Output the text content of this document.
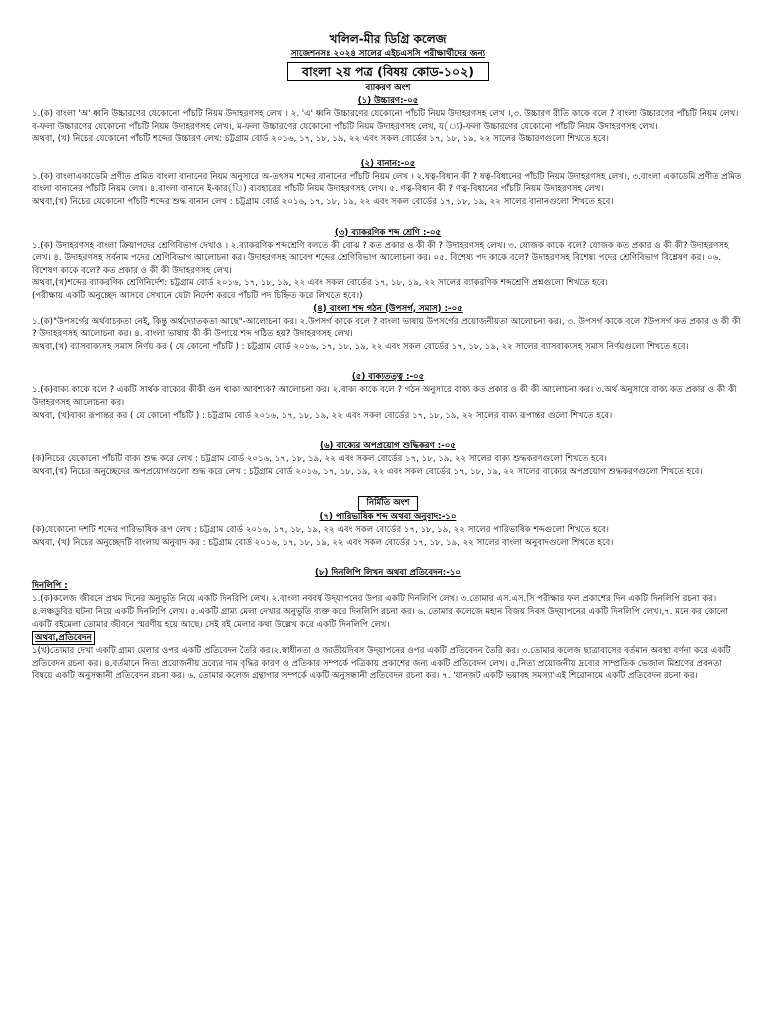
খলিল-মীর ডিগ্রি কলেজ
সাজেশনসঃ ২০২৪ সালের এইচএসসি পরীক্ষার্থীদের জন্য
বাংলা ২য় পত্র (বিষয় কোড-১০২)
ব্যাকরণ অংশ
(১) উচ্চারণ:-০৫

১.(ক) বাংলা 'অ' ধ্বনি উচ্চারণের যেকোনো পাঁচটি নিয়ম উদাহরণসহ লেখ । ২. 'এ' ধ্বনি উচ্চারণের যেকোনো পাঁচটি নিয়ম উদাহরণসহ লেখ ।,৩. উচ্চারণ রীতি কাকে বলে ? বাংলা উচ্চারণের পাঁচটি নিয়ম লেখ। ব-ফলা উচ্চারণের যেকোনো পাঁচটি নিয়ম উদাহরণসহ লেখ।, ম-ফলা উচ্চারণের যেকোনো পাঁচটি নিয়ম উদাহরণসহ লেখ, য(্য)-ফলা উচ্চারণের যেকোনো পাঁচটি নিয়ম উদাহরণসহ লেখ।

অথবা, (খ) নিচের যেকোনো পাঁচটি শব্দের উচ্চারণ লেখ: চট্টগ্রাম বোর্ড ২০১৬, ১৭, ১৮, ১৯, ২২ এবং সকল বোর্ডের ১৭, ১৮, ১৯, ২২ সালের উচ্চারণগুলো শিখতে হবে।

(২) বানান:-০৫

১.(ক) বাংলাএকাডেমি প্রণীত প্রমিত বাংলা বানানের নিয়ম অনুসারে অ-তৎসম শব্দের বানানের পাঁচটি নিয়ম লেখ । ২.ষত্ব-বিধান কী ? ষত্ব-বিধানের পাঁচটি নিয়ম উদাহরণসহ লেখ।, ৩.বাংলা একাডেমি প্রণীত প্রমিত বাংলা বানানের পাঁচটি নিয়ম লেখ। ৪.বাংলা বানানে ই-কার(ি) ব্যবহারের পাঁচটি নিয়ম উদাহরণসহ লেখ। ৫. ণত্ব-বিধান কী ? ণত্ব-বিধানের পাঁচটি নিয়ম উদাহরণসহ লেখ।

অথবা,(খ) নিচের যেকোনো পাঁচটি শব্দের শুদ্ধ বানান লেখ : চট্টগ্রাম বোর্ড ২০১৬, ১৭, ১৮, ১৯, ২২ এবং সকল বোর্ডের ১৭, ১৮, ১৯, ২২ সালের বানানগুলো শিখতে হবে।

(৩) ব্যাকরণিক শব্দ শ্রেণি :-০৫

১.(ক) উদাহরণসহ বাংলা ক্রিয়াপদের শ্রেণিবিভাগ দেখাও । ২.ব্যাকরণিক শব্দশ্রেণি বলতে কী বোঝ ? কত প্রকার ও কী কী ? উদাহরণসহ লেখ। ৩. যোজক কাকে বলে? যোজক কত প্রকার ও কী কী? উদাহরণসহ লেখ। ৪. উদাহরণসহ সর্বনাম পদের শ্রেণিবিভাগ আলোচনা কর। উদাহরণসহ আবেগ শব্দের শ্রেণিবিভাগ আলোচনা কর। ০৫. বিশেষ্য পদ কাকে বলে? উদাহরণসহ বিশেষ্য পদের শ্রেণিবিভাগ বিশ্লেষণ কর। ০৬. বিশেষণ কাকে বলে? কত প্রকার ও কী কী উদাহরণসহ লেখ।

অথবা,(খ)শব্দের ব্যাকরণিক শ্রেণিনির্দেশ: চট্টগ্রাম বোর্ড ২০১৬, ১৭, ১৮, ১৯, ২২ এবং সকল বোর্ডের ১৭, ১৮, ১৯, ২২ সালের ব্যাকরণিক শব্দশ্রেণি প্রশ্নগুলো শিখতে হবে।

(পরীক্ষায় একটি অনুচ্ছেদ আসবে সেখানে যেটা নির্দেশ করবে পাঁচটি পদ চিহ্নিত করে লিখতে হবে।)

(৪) বাংলা শব্দ গঠন (উপসর্গ, সমাস) :-০৫

১.(ক)"উপসর্গের অর্থবাচকতা নেই, কিন্তু অর্থদ্যোতকতা আছে"-আলোচনা কর। ২.উপসর্গ কাকে বলে ? বাংলা ভাষায় উপসর্গের প্রয়োজনীয়তা আলোচনা কর।, ৩. উপসর্গ কাকে বলে ?উপসর্গ কত প্রকার ও কী কী ? উদাহরণসহ আলোচনা কর। ৪. বাংলা ভাষায় কী কী উপায়ে শব্দ গঠিত হয়? উদাহরণসহ লেখ।

অথবা,(খ) ব্যাসবাক্যসহ সমাস নির্ণয় কর ( যে কোনো পাঁচটি ) : চট্টগ্রাম বোর্ড ২০১৬, ১৭, ১৮, ১৯, ২২ এবং সকল বোর্ডের ১৭, ১৮, ১৯, ২২ সালের ব্যাসবাক্যসহ সমাস নির্ণয়গুলো শিখতে হবে।

(৫) বাক্যতত্ত্ব :-০৫

১.(ক)বাক্য কাকে বলে ? একটি সার্থক বাক্যের কীকী গুন থাকা আবশ্যক? আলোচনা কর। ২.বাক্য কাকে বলে ? গঠন অনুসারে বাক্য কত প্রকার ও কী কী আলোচনা কর। ৩.অর্থ অনুসারে বাক্য কত প্রকার ও কী কী উদাহরণসহ আলোচনা কর।

অথবা, (খ)বাক্য রূপান্তর কর ( যে কোনো পাঁচটি ) : চট্টগ্রাম বোর্ড ২০১৬, ১৭, ১৮, ১৯, ২২ এবং সকল বোর্ডের ১৭, ১৮, ১৯, ২২ সালের বাক্য রূপান্তর গুলো শিখতে হবে।

(৬) বাক্যের অপপ্রয়োগ শুদ্ধিকরণ :-০৫

(ক)নিচের যেকোনো পাঁচটি বাক্য শুদ্ধ করে লেখ : চট্টগ্রাম বোর্ড ২০১৬, ১৭, ১৮, ১৯, ২২ এবং সকল বোর্ডের ১৭, ১৮, ১৯, ২২ সালের বাক্য শুদ্ধকরণগুলো শিখতে হবে।

অথবা,(খ) নিচের অনুচ্ছেদের অপপ্রয়োগগুলো শুদ্ধ করে লেখ : চট্টগ্রাম বোর্ড ২০১৬, ১৭, ১৮, ১৯, ২২ এবং সকল বোর্ডের ১৭, ১৮, ১৯, ২২ সালের বাক্যের অপপ্রয়োগ শুদ্ধকরণগুলো শিখতে হবে।

নির্মিতি অংশ
(৭) পারিভাষিক শব্দ অথবা অনুবাদ:-১০

(ক)যেকোনো দশটি শব্দের পারিভাষিক রূপ লেখ : চট্টগ্রাম বোর্ড ২০১৬, ১৭, ১৮, ১৯, ২২ এবং সকল বোর্ডের ১৭, ১৮, ১৯, ২২ সালের পারিভাষিক শব্দগুলো শিখতে হবে।

অথবা, (খ) নিচের অনুচ্ছেদটি বাংলায় অনুবাদ কর : চট্টগ্রাম বোর্ড ২০১৬, ১৭, ১৮, ১৯, ২২ এবং সকল বোর্ডের ১৭, ১৮, ১৯, ২২ সালের বাংলা অনুবাদগুলো শিখতে হবে।

(৮) দিনলিপি লিখন অথবা প্রতিবেদন:-১০
দিনলিপি :

১.(ক)কলেজ জীবনে প্রথম দিনের অনুভূতি নিয়ে একটি দিনরিপি লেখ। ২.বাংলা নববর্ষ উদ্‌যাপনের উপর একটি দিনলিপি লেখ। ৩.তোমার এস.এস.সি পরীক্ষার ফল প্রকাশের দিন একটি দিনলিপি রচনা কর। ৪.লঞ্চডুবির ঘটনা নিয়ে একটি দিনলিপি লেখ। ৫.একটি গ্রাম্য মেলা দেখার অনুভূতি ব্যক্ত করে দিনলিপি রচনা কর। ৬. তোমার কলেজে মহান বিজয় দিবস উদ্‌যাপনের একটি দিনলিপি লেখ।,৭. মনে কর কোনো একটি বইমেলা তোমার জীবনে স্মরণীয় হয়ে আছে। সেই বই মেলার কথা উল্লেখ করে একটি দিনলিপি লেখ।

অথবা,প্রতিবেদন

১(খ)তোমার দেখা একটি গ্রাম্য মেলার ওপর একটি প্রতিবেদন তৈরি কর।২.স্বাধীনতা ও জাতীয়দিবস উদ্‌যাপনের ওপর একটি প্রতিবেদন তৈরি কর। ৩.তোমার কলেজ ছাত্রাবাসের বর্তমান অবস্থা বর্ণনা করে একটি প্রতিবেদন রচনা কর। ৪.বর্তমানে নিত্য প্রয়োজনীয় দ্রব্যের দাম বৃদ্ধির কারণ ও প্রতিকার সম্পর্কে পত্রিকায় প্রকাশের জন্য একটি প্রতিবেদন লেখ। ৫.নিত্য প্রয়োজনীয় দ্রব্যের সাম্প্রতিক ভেজাল মিশ্রণের প্রবনতা বিষয়ে একটি অনুসন্ধানী প্রতিবেদন রচনা কর। ৬. তোমার কলেজ গ্রন্থাগার সম্পর্কে একটি অনুসন্ধানী প্রতিবেদন রচনা কর। ৭. 'যানজট একটি ভয়াবহ সমস্যা'এই শিরোনামে একটি প্রতিবেদন রচনা কর।
